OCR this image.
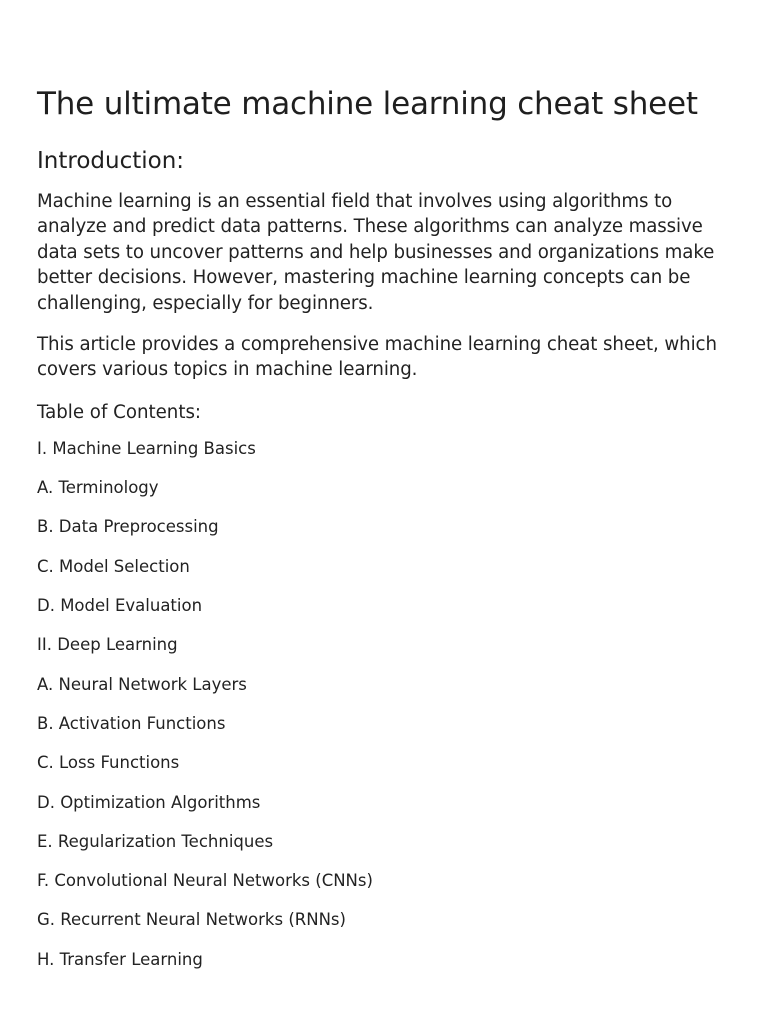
The ultimate machine learning cheat sheet
Introduction:

Machine learning is an essential field that involves using algorithms to analyze and predict data patterns. These algorithms can analyze massive data sets to uncover patterns and help businesses and organizations make better decisions. However, mastering machine learning concepts can be challenging, especially for beginners.

This article provides a comprehensive machine learning cheat sheet, which covers various topics in machine learning.

Table of Contents:

I. Machine Learning Basics
A. Terminology
B. Data Preprocessing
C. Model Selection
D. Model Evaluation
II. Deep Learning
A. Neural Network Layers
B. Activation Functions
C. Loss Functions
D. Optimization Algorithms
E. Regularization Techniques
F. Convolutional Neural Networks (CNNs)
G. Recurrent Neural Networks (RNNs)
H. Transfer Learning
